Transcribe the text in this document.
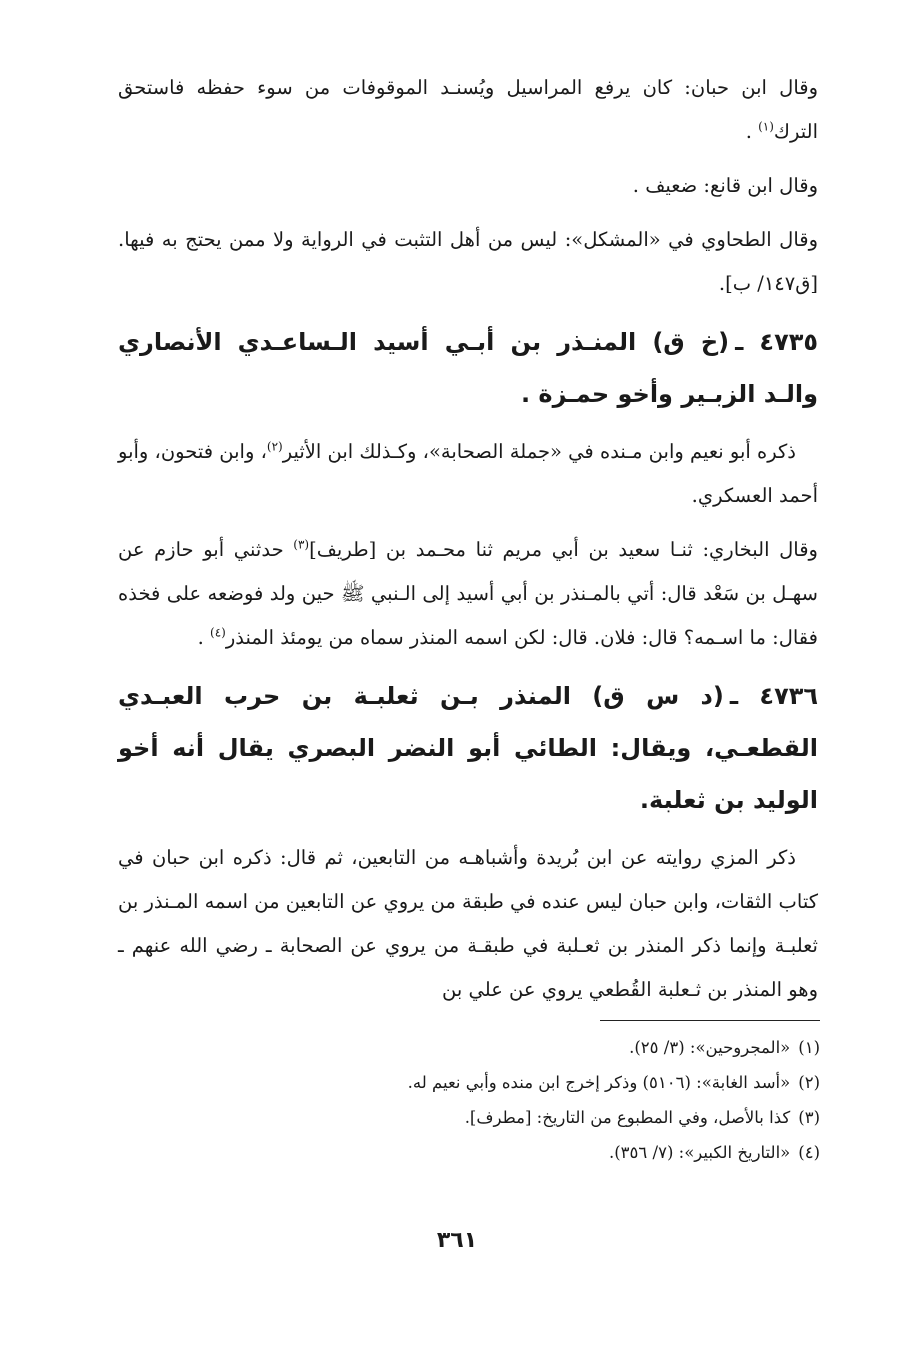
وقال ابن حبان: كان يرفع المراسيل ويُسنـد الموقوفات من سوء حفظه فاستحق الترك$^{(١)}$ .

وقال ابن قانع: ضعيف .

وقال الطحاوي في «المشكل»: ليس من أهل التثبت في الرواية ولا ممن يحتج به فيها. [ق١٤٧/ ب].

٤٧٣٥ ـ(خ ق) المنـذر بن أبـي أسيد الـساعـدي الأنصاري والـد الزبـير وأخو حمـزة .

ذكره أبو نعيم وابن مـنده في «جملة الصحابة»، وكـذلك ابن الأثير$^{(٢)}$، وابن فتحون، وأبو أحمد العسكري.

وقال البخاري: ثنـا سعيد بن أبي مريم ثنا محـمد بن [طريف]$^{(٣)}$ حدثني أبو حازم عن سهـل بن سَعْد قال: أتي بالمـنذر بن أبي أسيد إلى الـنبي ﷺ حين ولد فوضعه على فخذه فقال: ما اسـمه؟ قال: فلان. قال: لكن اسمه المنذر سماه من يومئذ المنذر$^{(٤)}$ .

٤٧٣٦ ـ(د س ق) المنذر بـن ثعلبـة بن حرب العبـدي القطعـي، ويقال: الطائي أبو النضر البصري يقال أنه أخو الوليد بن ثعلبة.

ذكر المزي روايته عن ابن بُريدة وأشباهـه من التابعين، ثم قال: ذكره ابن حبان في كتاب الثقات، وابن حبان ليس عنده في طبقة من يروي عن التابعين من اسمه المـنذر بن ثعلبـة وإنما ذكر المنذر بن ثعـلبة في طبقـة من يروي عن الصحابة ـ رضي الله عنهم ـ وهو المنذر بن ثـعلبة القُطعي يروي عن علي بن

(١)«المجروحين»: (٣/ ٢٥).

(٢)«أسد الغابة»: (٥١٠٦) وذكر إخرج ابن منده وأبي نعيم له.

(٣)كذا بالأصل، وفي المطبوع من التاريخ: [مطرف].

(٤)«التاريخ الكبير»: (٧/ ٣٥٦).

٣٦١
